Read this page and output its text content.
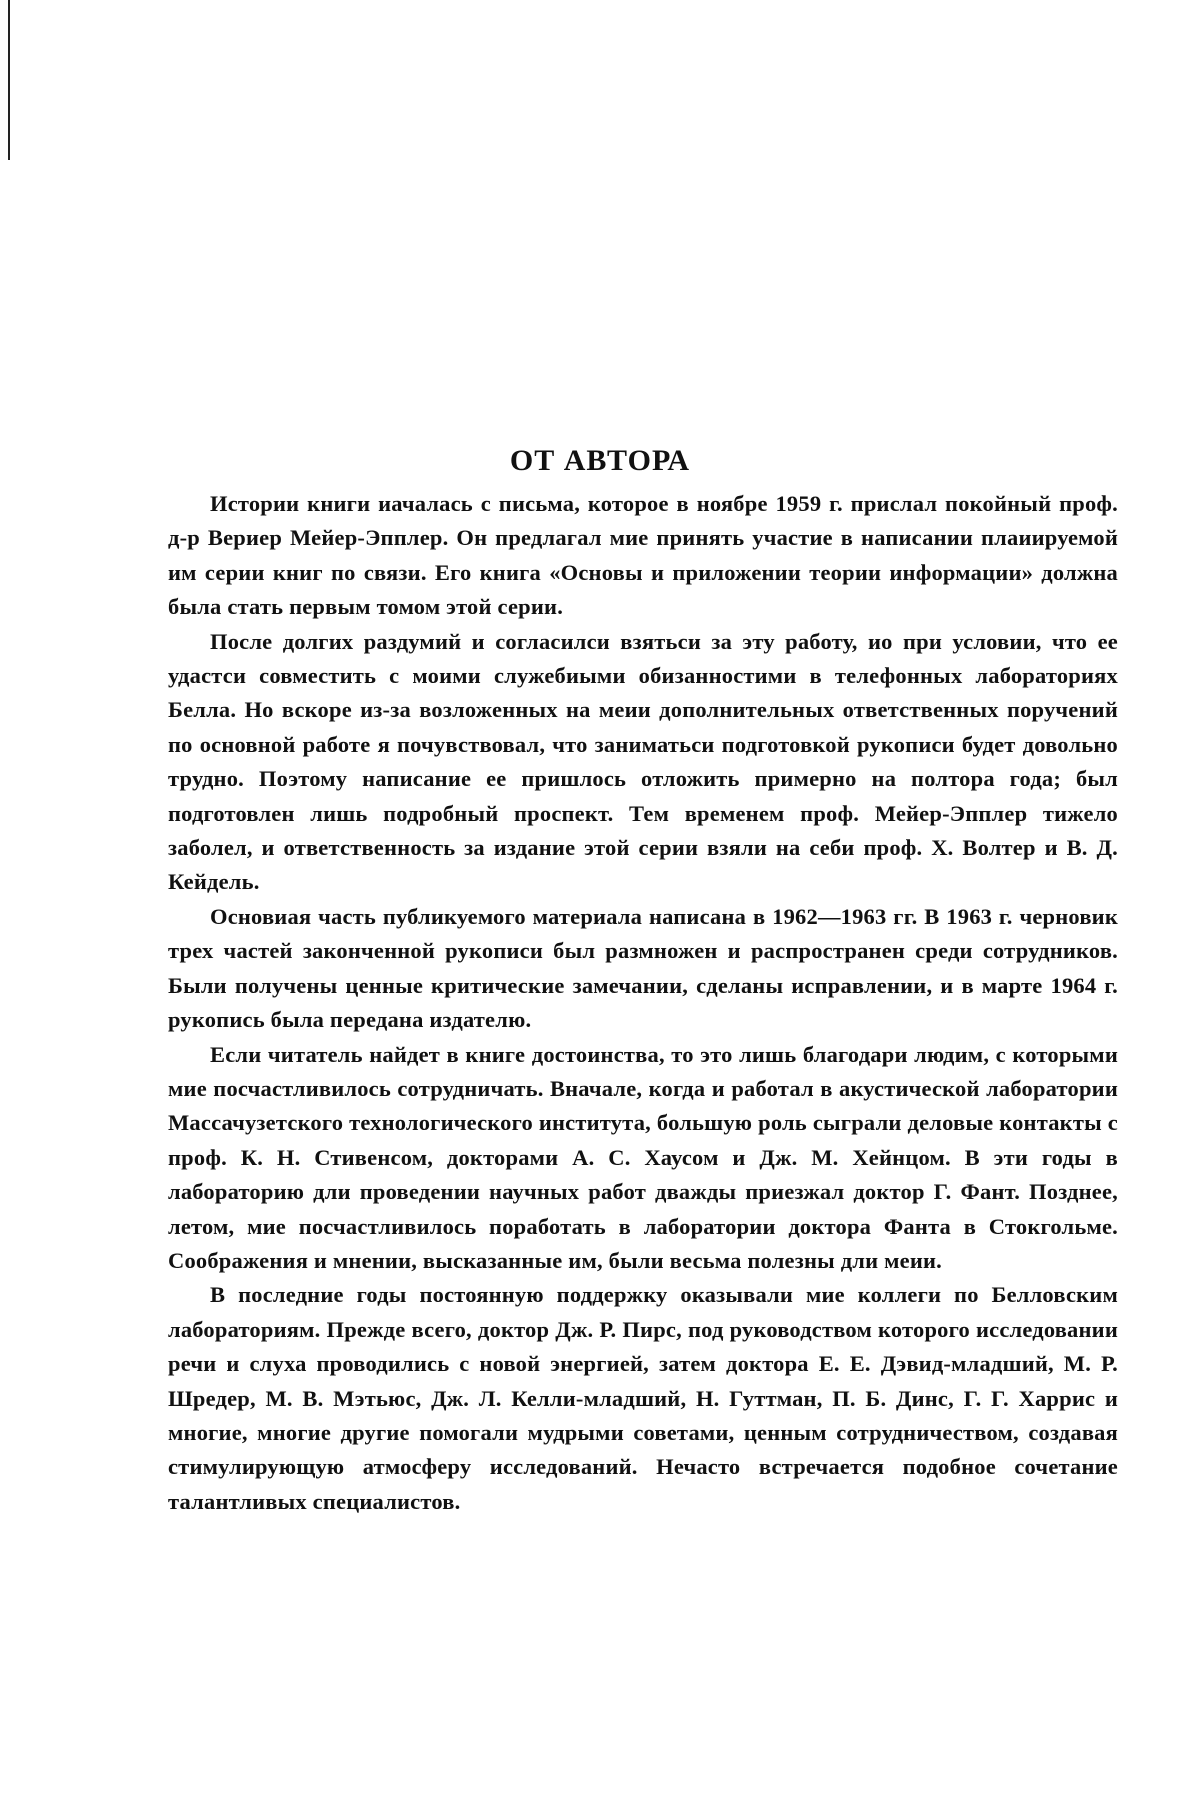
ОТ АВТОРА

Истории книги иачалась с письма, которое в ноябре 1959 г. прислал покойный проф. д-р Вериер Мейер-Эпплер. Он предлагал мие принять участие в написании плаиируемой им серии книг по связи. Его книга «Основы и приложении теории информации» должна была стать первым томом этой серии.

После долгих раздумий и согласилси взятьси за эту работу, ио при условии, что ее удастси совместить с моими служебиыми обизанностими в телефонных лабораториях Белла. Но вскоре из-за возложенных на меии дополнительных ответственных поручений по основной работе я почувствовал, что заниматьси подготовкой рукописи будет довольно трудно. Поэтому написание ее пришлось отложить примерно на полтора года; был подготовлен лишь подробный проспект. Тем временем проф. Мейер-Эпплер тижело заболел, и ответственность за издание этой серии взяли на себи проф. X. Волтер и В. Д. Кейдель.

Основиая часть публикуемого материала написана в 1962—1963 гг. В 1963 г. черновик трех частей законченной рукописи был размножен и распространен среди сотрудников. Были получены ценные критические замечании, сделаны исправлении, и в марте 1964 г. рукопись была передана издателю.

Если читатель найдет в книге достоинства, то это лишь благодари людим, с которыми мие посчастливилось сотрудничать. Вначале, когда и работал в акустической лаборатории Массачузетского технологического института, большую роль сыграли деловые контакты с проф. К. Н. Стивенсом, докторами А. С. Хаусом и Дж. М. Хейнцом. В эти годы в лабораторию дли проведении научных работ дважды приезжал доктор Г. Фант. Позднее, летом, мие посчастливилось поработать в лаборатории доктора Фанта в Стокгольме. Соображения и мнении, высказанные им, были весьма полезны дли меии.

В последние годы постоянную поддержку оказывали мие коллеги по Белловским лабораториям. Прежде всего, доктор Дж. Р. Пирс, под руководством которого исследовании речи и слуха проводились с новой энергией, затем доктора Е. Е. Дэвид-младший, М. Р. Шредер, М. В. Мэтьюс, Дж. Л. Келли-младший, Н. Гуттман, П. Б. Динс, Г. Г. Харрис и многие, многие другие помогали мудрыми советами, ценным сотрудничеством, создавая стимулирующую атмосферу исследований. Нечасто встречается подобное сочетание талантливых специалистов.
